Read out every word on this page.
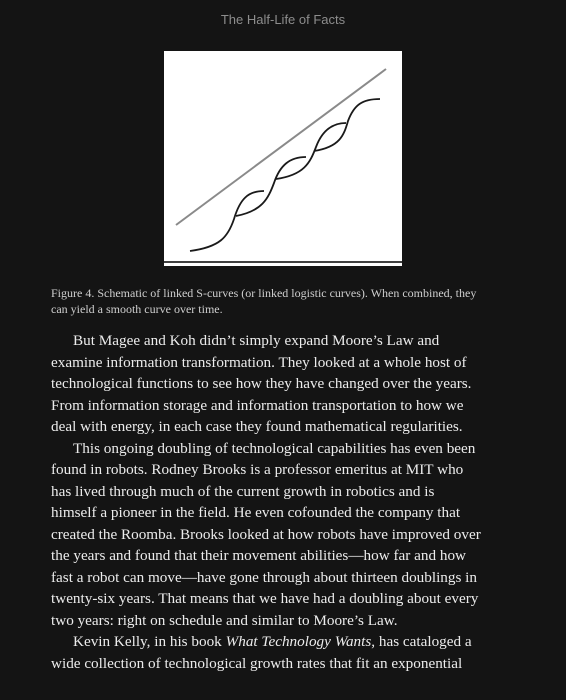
The Half-Life of Facts
Figure 4. Schematic of linked S-curves (or linked logistic curves). When combined, they
can yield a smooth curve over time.

But Magee and Koh didn’t simply expand Moore’s Law and
examine information transformation. They looked at a whole host of
technological functions to see how they have changed over the years.
From information storage and information transportation to how we
deal with energy, in each case they found mathematical regularities.

This ongoing doubling of technological capabilities has even been
found in robots. Rodney Brooks is a professor emeritus at MIT who
has lived through much of the current growth in robotics and is
himself a pioneer in the field. He even cofounded the company that
created the Roomba. Brooks looked at how robots have improved over
the years and found that their movement abilities—how far and how
fast a robot can move—have gone through about thirteen doublings in
twenty-six years. That means that we have had a doubling about every
two years: right on schedule and similar to Moore’s Law.

Kevin Kelly, in his book What Technology Wants, has cataloged a
wide collection of technological growth rates that fit an exponential
